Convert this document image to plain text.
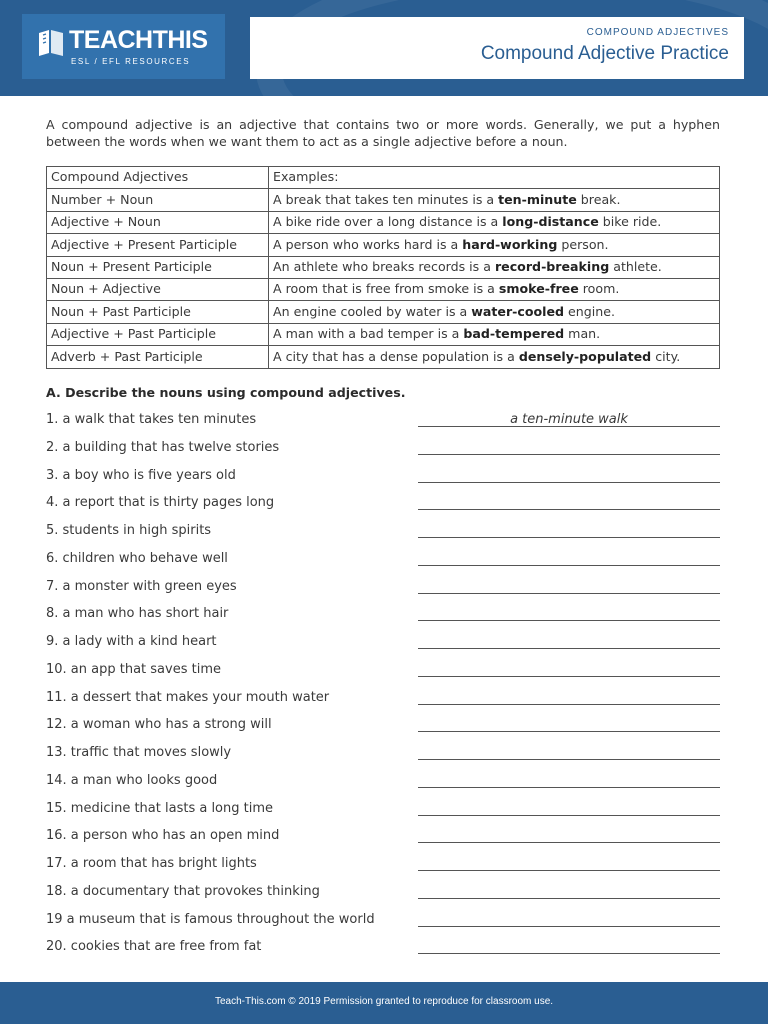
TEACHTHIS
ESL / EFL RESOURCES
COMPOUND ADJECTIVES
Compound Adjective Practice

A compound adjective is an adjective that contains two or more words. Generally, we put a hyphen between the words when we want them to act as a single adjective before a noun.

Compound Adjectives	Examples:
Number + Noun	A break that takes ten minutes is a ten-minute break.
Adjective + Noun	A bike ride over a long distance is a long-distance bike ride.
Adjective + Present Participle	A person who works hard is a hard-working person.
Noun + Present Participle	An athlete who breaks records is a record-breaking athlete.
Noun + Adjective	A room that is free from smoke is a smoke-free room.
Noun + Past Participle	An engine cooled by water is a water-cooled engine.
Adjective + Past Participle	A man with a bad temper is a bad-tempered man.
Adverb + Past Participle	A city that has a dense population is a densely-populated city.
A. Describe the nouns using compound adjectives.
1. a walk that takes ten minutes	a ten-minute walk
2. a building that has twelve stories
3. a boy who is five years old
4. a report that is thirty pages long
5. students in high spirits
6. children who behave well
7. a monster with green eyes
8. a man who has short hair
9. a lady with a kind heart
10. an app that saves time
11. a dessert that makes your mouth water
12. a woman who has a strong will
13. traffic that moves slowly
14. a man who looks good
15. medicine that lasts a long time
16. a person who has an open mind
17. a room that has bright lights
18. a documentary that provokes thinking
19 a museum that is famous throughout the world
20. cookies that are free from fat
Teach-This.com © 2019 Permission granted to reproduce for classroom use.
